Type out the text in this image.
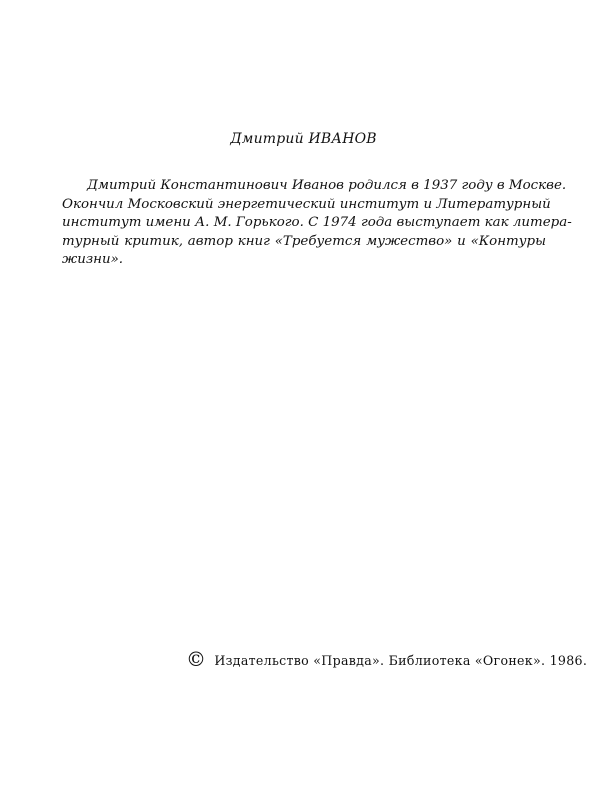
Дмитрий ИВАНОВ
Дмитрий Константинович Иванов родился в 1937 году в Москве.
Окончил Московский энергетический институт и Литературный
институт имени А. М. Горького. С 1974 года выступает как литера-
турный критик, автор книг «Требуется мужество» и «Контуры
жизни».
© Издательство «Правда». Библиотека «Огонек». 1986.
